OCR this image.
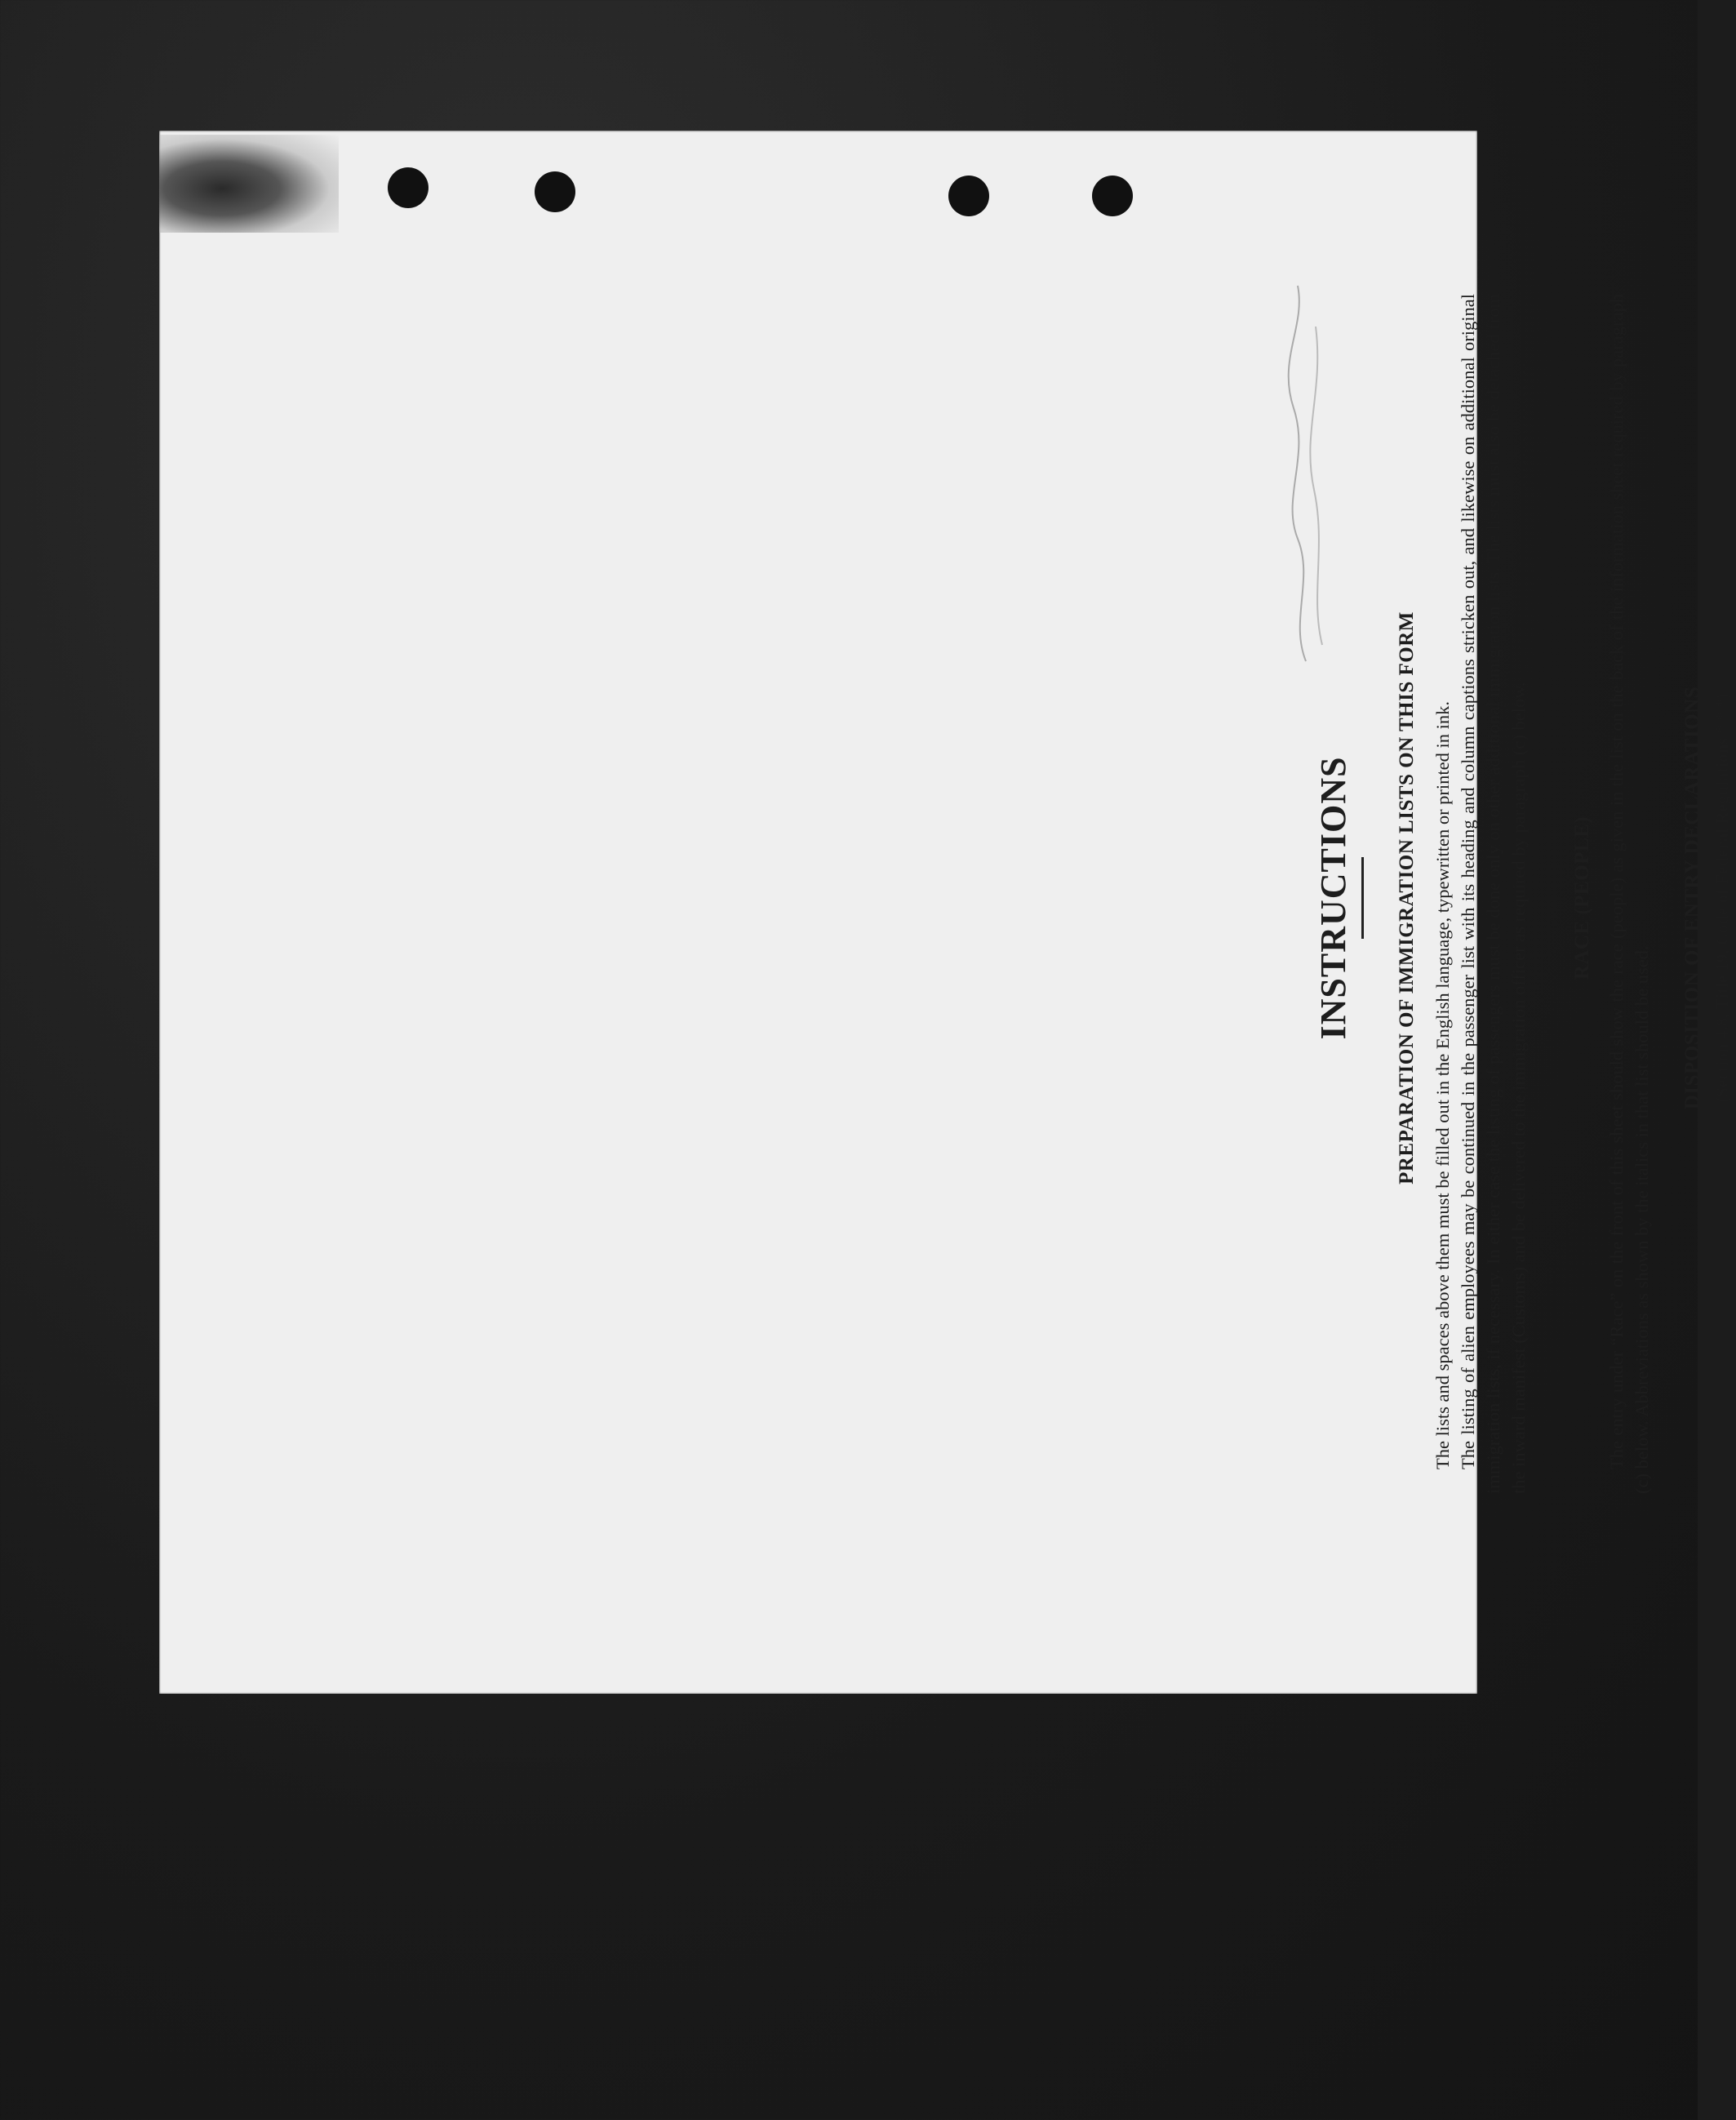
INSTRUCTIONS PREPARATION OF IMMIGRATION LISTS ON THIS FORM The lists and spaces above them must be filled out in the English language, typewritten or printed in ink. The listing of alien employees may be continued in the passenger list with its heading and column captions stricken out, and likewise on additional original immigration lists, if necessary. In either case the listing of passengers must be done only on other additional immigration lists. The lists must also be detached from the inward manifest (Customs) and be delivered to the immigration officer as required by paragraph (c) below. RACE (PEOPLE) The entry under “Race” on the front of this sheet should show the race (people) as given in the list on the back of the information sheet required by paragraph (c) below. Abbreviations as shown by the italics in that list should be used.
DISPOSITION OF ENTRY DECLARATIONS (Section 4.8, Title 19, Code of Federal Regulations * * *)
